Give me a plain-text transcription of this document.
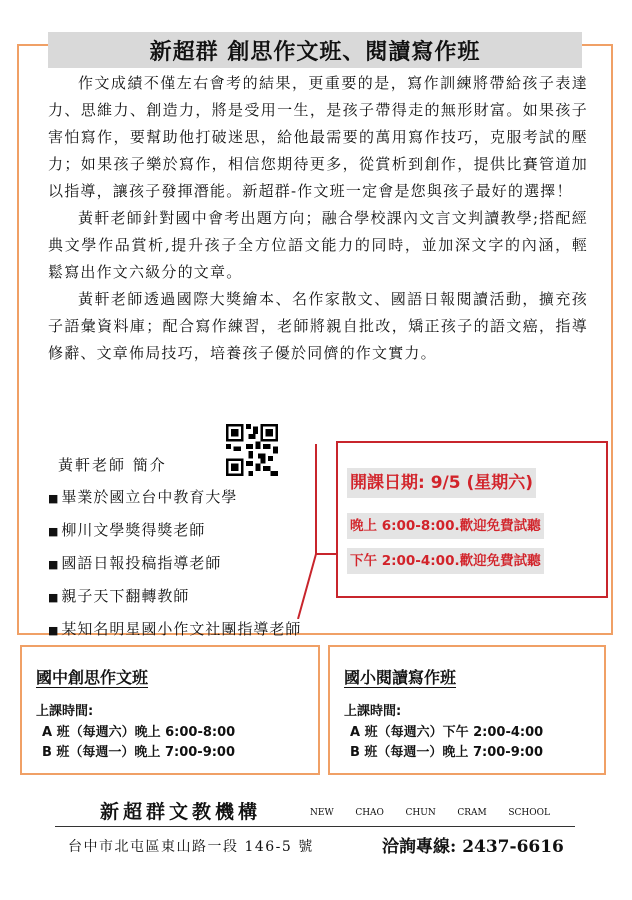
新超群 創思作文班、閱讀寫作班

作文成績不僅左右會考的結果，更重要的是，寫作訓練將帶給孩子表達力、思維力、創造力，將是受用一生，是孩子帶得走的無形財富。如果孩子害怕寫作，要幫助他打破迷思，給他最需要的萬用寫作技巧，克服考試的壓力；如果孩子樂於寫作，相信您期待更多，從賞析到創作，提供比賽管道加以指導，讓孩子發揮潛能。新超群-作文班一定會是您與孩子最好的選擇！

黃軒老師針對國中會考出題方向；融合學校課內文言文判讀教學;搭配經典文學作品賞析,提升孩子全方位語文能力的同時，並加深文字的內涵，輕鬆寫出作文六級分的文章。

黃軒老師透過國際大獎繪本、名作家散文、國語日報閱讀活動，擴充孩子語彙資料庫；配合寫作練習，老師將親自批改，矯正孩子的語文癌，指導修辭、文章佈局技巧，培養孩子優於同儕的作文實力。

黃軒老師 簡介
■ 畢業於國立台中教育大學
■ 柳川文學獎得獎老師
■ 國語日報投稿指導老師
■ 親子天下翻轉教師
■ 某知名明星國小作文社團指導老師
開課日期: 9/5 (星期六)
晚上 6:00-8:00.歡迎免費試聽
下午 2:00-4:00.歡迎免費試聽
國中創思作文班
上課時間:
A 班（每週六）晚上 6:00-8:00
B 班（每週一）晚上 7:00-9:00
國小閱讀寫作班
上課時間:
A 班（每週六）下午 2:00-4:00
B 班（每週一）晚上 7:00-9:00
新超群文教機構	NEW CHAO CHUN CRAM SCHOOL
台中市北屯區東山路一段 146-5 號	洽詢專線: 2437-6616
